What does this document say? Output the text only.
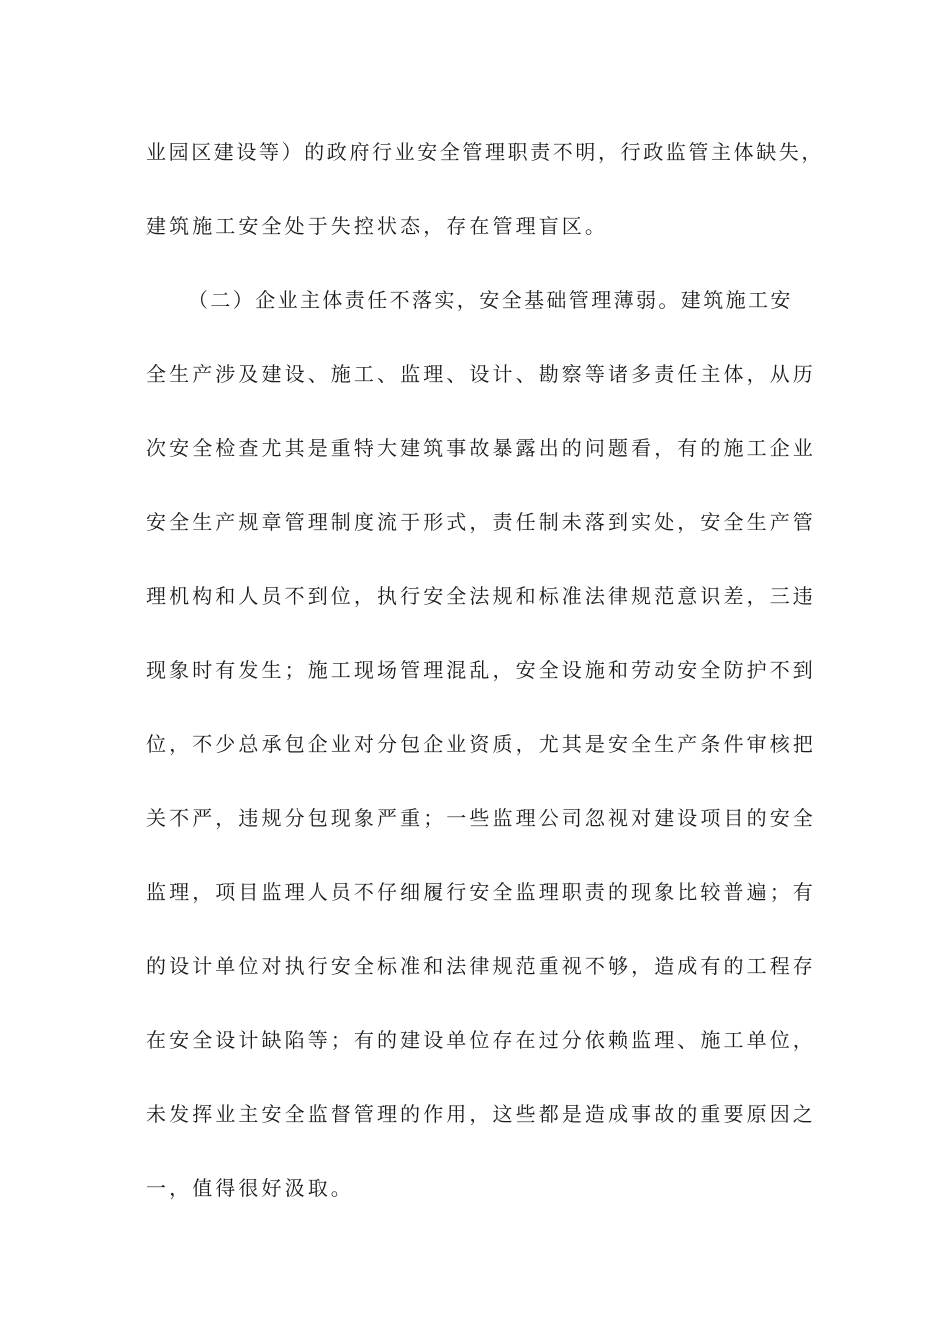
业园区建设等）的政府行业安全管理职责不明，行政监管主体缺失，
建筑施工安全处于失控状态，存在管理盲区。
（二）企业主体责任不落实，安全基础管理薄弱。建筑施工安
全生产涉及建设、施工、监理、设计、勘察等诸多责任主体，从历
次安全检查尤其是重特大建筑事故暴露出的问题看，有的施工企业
安全生产规章管理制度流于形式，责任制未落到实处，安全生产管
理机构和人员不到位，执行安全法规和标准法律规范意识差，三违
现象时有发生；施工现场管理混乱，安全设施和劳动安全防护不到
位，不少总承包企业对分包企业资质，尤其是安全生产条件审核把
关不严，违规分包现象严重；一些监理公司忽视对建设项目的安全
监理，项目监理人员不仔细履行安全监理职责的现象比较普遍；有
的设计单位对执行安全标准和法律规范重视不够，造成有的工程存
在安全设计缺陷等；有的建设单位存在过分依赖监理、施工单位，
未发挥业主安全监督管理的作用，这些都是造成事故的重要原因之
一，值得很好汲取。
